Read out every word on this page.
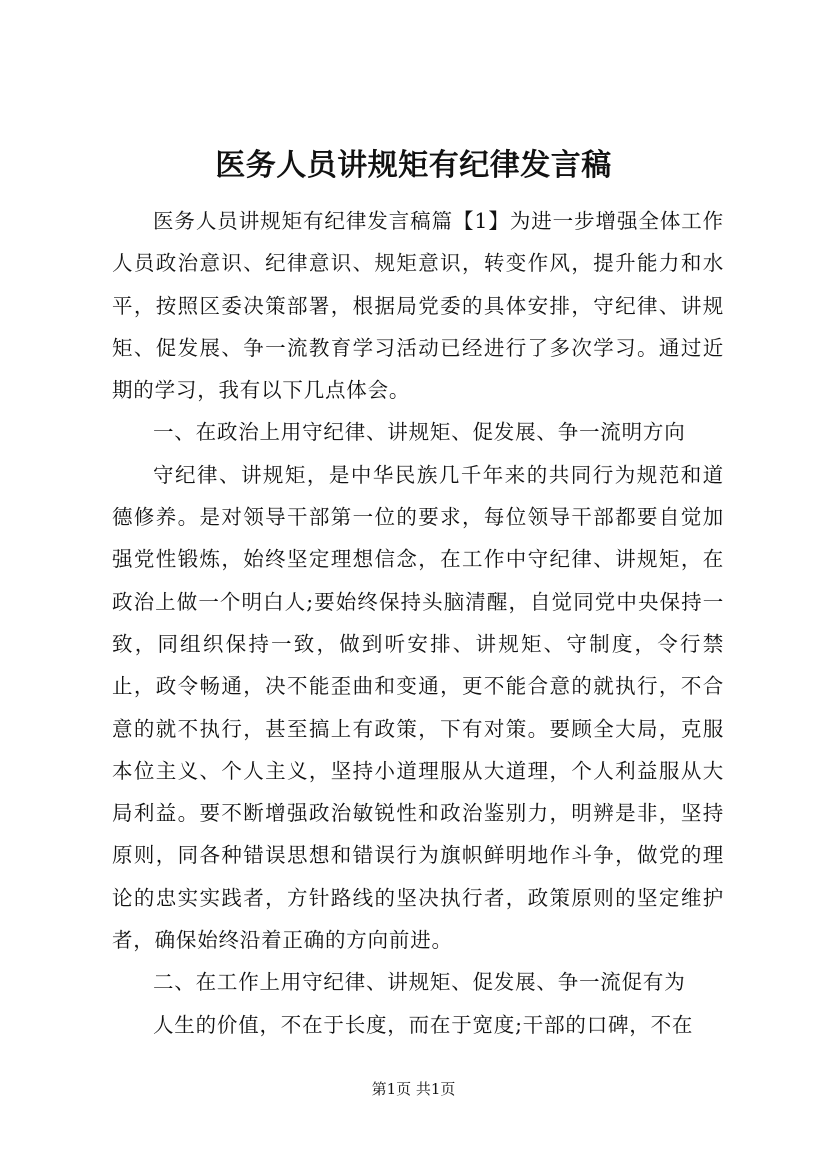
医务人员讲规矩有纪律发言稿

医务人员讲规矩有纪律发言稿篇【1】为进一步增强全体工作人员政治意识、纪律意识、规矩意识，转变作风，提升能力和水平，按照区委决策部署，根据局党委的具体安排，守纪律、讲规矩、促发展、争一流教育学习活动已经进行了多次学习。通过近期的学习，我有以下几点体会。

一、在政治上用守纪律、讲规矩、促发展、争一流明方向

守纪律、讲规矩，是中华民族几千年来的共同行为规范和道德修养。是对领导干部第一位的要求，每位领导干部都要自觉加强党性锻炼，始终坚定理想信念，在工作中守纪律、讲规矩，在政治上做一个明白人;要始终保持头脑清醒，自觉同党中央保持一致，同组织保持一致，做到听安排、讲规矩、守制度，令行禁止，政令畅通，决不能歪曲和变通，更不能合意的就执行，不合意的就不执行，甚至搞上有政策，下有对策。要顾全大局，克服本位主义、个人主义，坚持小道理服从大道理，个人利益服从大局利益。要不断增强政治敏锐性和政治鉴别力，明辨是非，坚持原则，同各种错误思想和错误行为旗帜鲜明地作斗争，做党的理论的忠实实践者，方针路线的坚决执行者，政策原则的坚定维护者，确保始终沿着正确的方向前进。

二、在工作上用守纪律、讲规矩、促发展、争一流促有为

人生的价值，不在于长度，而在于宽度;干部的口碑，不在

第1页 共1页
